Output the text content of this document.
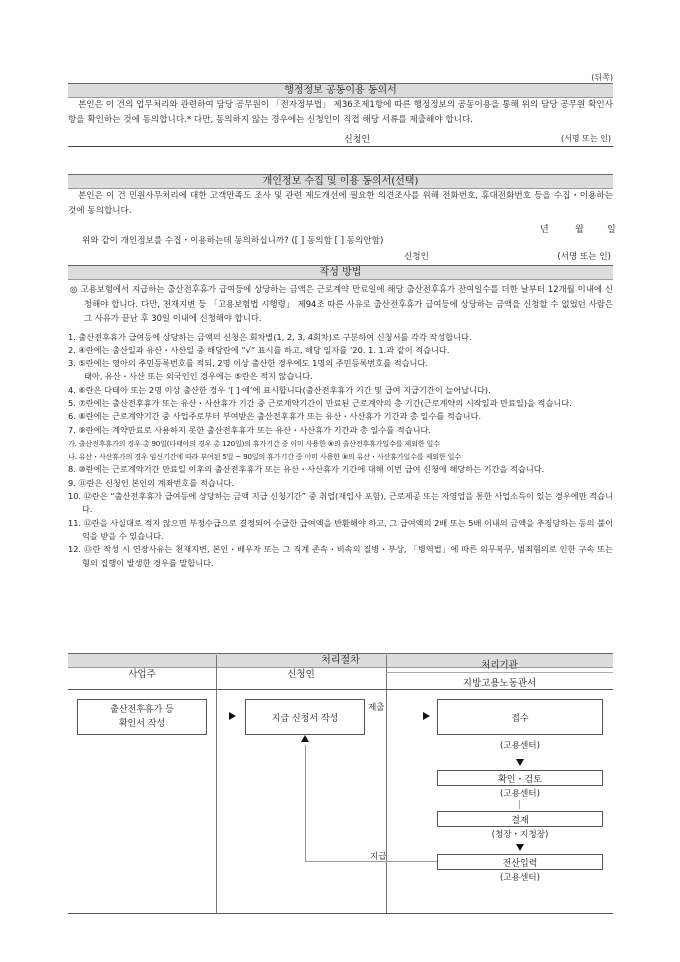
(뒤쪽)
행정정보 공동이용 동의서
본인은 이 건의 업무처리와 관련하여 담당 공무원이 「전자정부법」 제36조제1항에 따른 행정정보의 공동이용을 통해 위의 담당 공무원 확인사항을 확인하는 것에 동의합니다.* 다만, 동의하지 않는 경우에는 신청인이 직접 해당 서류를 제출해야 합니다.
신청인	(서명 또는 인)
개인정보 수집 및 이용 동의서(선택)
본인은 이 건 민원사무처리에 대한 고객만족도 조사 및 관련 제도개선에 필요한 의견조사를 위해 전화번호, 휴대전화번호 등을 수집・이용하는 것에 동의합니다.
년	월	일
위와 같이 개인정보를 수집・이용하는데 동의하십니까? ([ ] 동의함 [ ] 동의안함)
신청인	(서명 또는 인)
작성 방법
◎ 고용보험에서 지급하는 출산전후휴가 급여등에 상당하는 금액은 근로계약 만료일에 해당 출산전후휴가 잔여일수를 더한 날부터 12개월 이내에 신청해야 합니다. 다만, 천재지변 등 「고용보험법 시행령」 제94조 따른 사유로 출산전후휴가 급여등에 상당하는 금액을 신청할 수 없었던 사람은 그 사유가 끝난 후 30일 이내에 신청해야 합니다.
1. 출산전후휴가 급여등에 상당하는 금액의 신청은 회차별(1, 2, 3, 4회차)로 구분하여 신청서를 각각 작성합니다.
2. ④란에는 출산일과 유산・사산일 중 해당란에 “√” 표시를 하고, 해당 일자를 ‘20. 1. 1.과 같이 적습니다.
3. ⑤란에는 영아의 주민등록번호를 적되, 2명 이상 출산한 경우에도 1명의 주민등록번호를 적습니다.
태아, 유산・사산 또는 외국인인 경우에는 ⑤란은 적지 않습니다.
4. ⑥란은 다태아 또는 2명 이상 출산한 경우 ‘[ ] 예’에 표시합니다(출산전후휴가 기간 및 급여 지급기간이 늘어납니다).
5. ⑦란에는 출산전후휴가 또는 유산・사산휴가 기간 중 근로계약기간이 만료된 근로계약의 총 기간(근로계약의 시작일과 만료일)을 적습니다.
6. ⑧란에는 근로계약기간 중 사업주로부터 부여받은 출산전후휴가 또는 유산・사산휴가 기간과 총 일수를 적습니다.
7. ⑨란에는 계약만료로 사용하지 못한 출산전후휴가 또는 유산・사산휴가 기간과 총 일수를 적습니다.
가. 출산전후휴가의 경우 총 90일(다태아의 경우 총 120일)의 휴가기간 중 이미 사용한 ⑧의 출산전후휴가일수를 제외한 일수
나. 유산・사산휴가의 경우 임신기간에 따라 부여된 5일 ~ 90일의 휴가기간 중 이미 사용한 ⑧의 유산・사산휴가일수를 제외한 일수
8. ⑩란에는 근로계약기간 만료일 이후의 출산전후휴가 또는 유산・사산휴가 기간에 대해 이번 급여 신청에 해당하는 기간을 적습니다.
9. ⑪란은 신청인 본인의 계좌번호를 적습니다.
10. ⑫란은 “출산전후휴가 급여등에 상당하는 금액 지급 신청기간” 중 취업(재입사 포함), 근로제공 또는 자영업을 통한 사업소득이 있는 경우에만 적습니다.
11. ⑫란을 사실대로 적지 않으면 부정수급으로 결정되어 수급한 급여액을 반환해야 하고, 그 급여액의 2배 또는 5배 이내의 금액을 추징당하는 등의 불이익을 받을 수 있습니다.
12. ⑬란 작성 시 연장사유는 천재지변, 본인・배우자 또는 그 직계 존속・비속의 질병・부상, 「병역법」에 따른 의무복무, 범죄혐의로 인한 구속 또는 형의 집행이 발생한 경우를 말합니다.
처리절차
사업주	신청인
처리기관
지방고용노동관서
출산전후휴가 등
확인서 작성
지급 신청서 작성
제출
접수
(고용센터)
확인・검토
(고용센터)
결재
(청장・지청장)
전산입력
(고용센터)
지급
